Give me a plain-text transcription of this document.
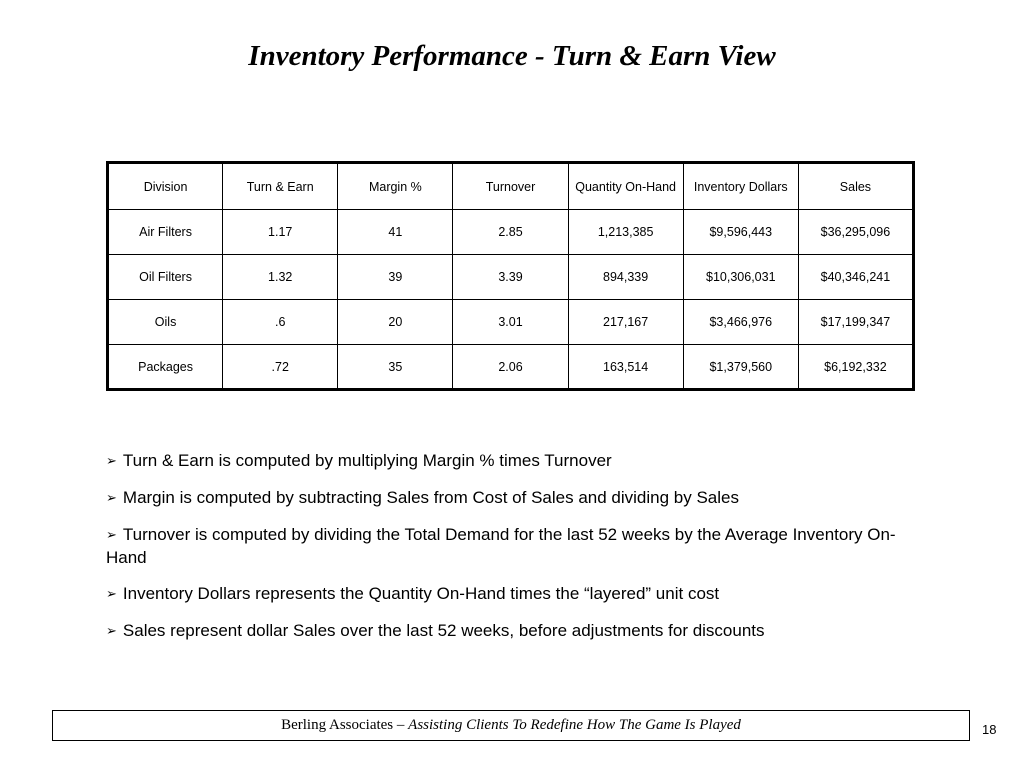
Inventory Performance - Turn & Earn View
Division	Turn & Earn	Margin %	Turnover	Quantity On-Hand	Inventory Dollars	Sales
Air Filters	1.17	41	2.85	1,213,385	$9,596,443	$36,295,096
Oil Filters	1.32	39	3.39	894,339	$10,306,031	$40,346,241
Oils	.6	20	3.01	217,167	$3,466,976	$17,199,347
Packages	.72	35	2.06	163,514	$1,379,560	$6,192,332
➢ Turn & Earn is computed by multiplying Margin % times Turnover
➢ Margin is computed by subtracting Sales from Cost of Sales and dividing by Sales
➢ Turnover is computed by dividing the Total Demand for the last 52 weeks by the Average Inventory On-Hand
➢ Inventory Dollars represents the Quantity On-Hand times the “layered” unit cost
➢ Sales represent dollar Sales over the last 52 weeks, before adjustments for discounts
Berling Associates – Assisting Clients To Redefine How The Game Is Played	18
